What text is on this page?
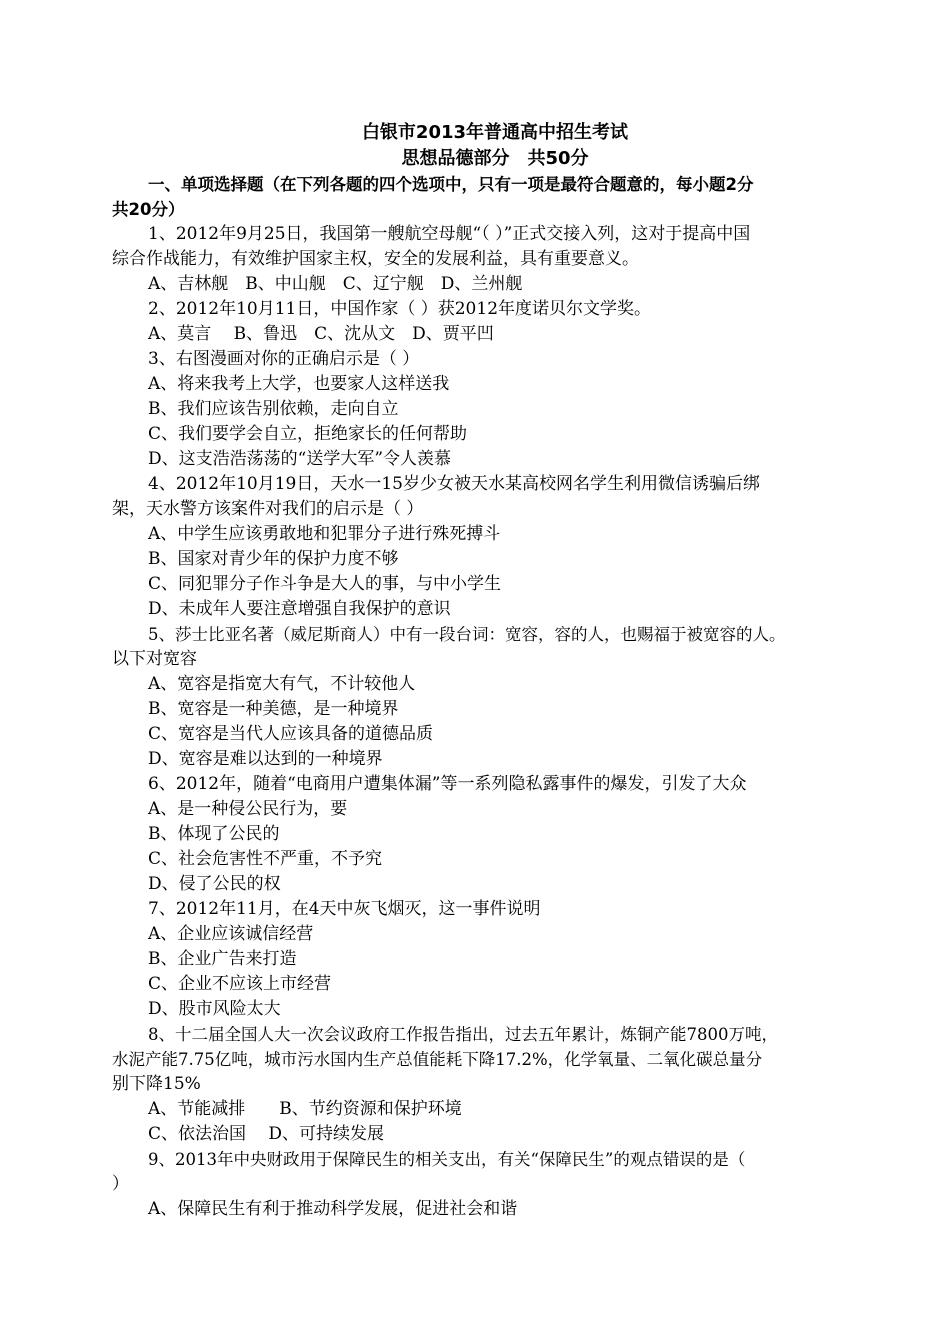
白银市2013年普通高中招生考试
思想品德部分　共50分
一、单项选择题（在下列各题的四个选项中，只有一项是最符合题意的，每小题2分
共20分）
1、2012年9月25日，我国第一艘航空母舰“（ ）”正式交接入列，这对于提高中国
综合作战能力，有效维护国家主权，安全的发展利益，具有重要意义。
A、吉林舰　B、中山舰　C、辽宁舰　D、兰州舰
2、2012年10月11日，中国作家（ ）获2012年度诺贝尔文学奖。
A、莫言　 B、鲁迅　C、沈从文　D、贾平凹
3、右图漫画对你的正确启示是（ ）
A、将来我考上大学，也要家人这样送我
B、我们应该告别依赖，走向自立
C、我们要学会自立，拒绝家长的任何帮助
D、这支浩浩荡荡的“送学大军”令人羡慕
4、2012年10月19日，天水一15岁少女被天水某高校网名学生利用微信诱骗后绑
架，天水警方该案件对我们的启示是（ ）
A、中学生应该勇敢地和犯罪分子进行殊死搏斗
B、国家对青少年的保护力度不够
C、同犯罪分子作斗争是大人的事，与中小学生
D、未成年人要注意增强自我保护的意识
5、莎士比亚名著（威尼斯商人）中有一段台词：宽容，容的人，也赐福于被宽容的人。
以下对宽容
A、宽容是指宽大有气，不计较他人
B、宽容是一种美德，是一种境界
C、宽容是当代人应该具备的道德品质
D、宽容是难以达到的一种境界
6、2012年，随着“电商用户遭集体漏”等一系列隐私露事件的爆发，引发了大众
A、是一种侵公民行为，要
B、体现了公民的
C、社会危害性不严重，不予究
D、侵了公民的权
7、2012年11月，在4天中灰飞烟灭，这一事件说明
A、企业应该诚信经营
B、企业广告来打造
C、企业不应该上市经营
D、股市风险太大
8、十二届全国人大一次会议政府工作报告指出，过去五年累计，炼铜产能7800万吨，
水泥产能7.75亿吨，城市污水国内生产总值能耗下降17.2%，化学氧量、二氧化碳总量分
别下降15%
A、节能减排　　B、节约资源和保护环境
C、依法治国　 D、可持续发展
9、2013年中央财政用于保障民生的相关支出，有关“保障民生”的观点错误的是（
）
A、保障民生有利于推动科学发展，促进社会和谐
